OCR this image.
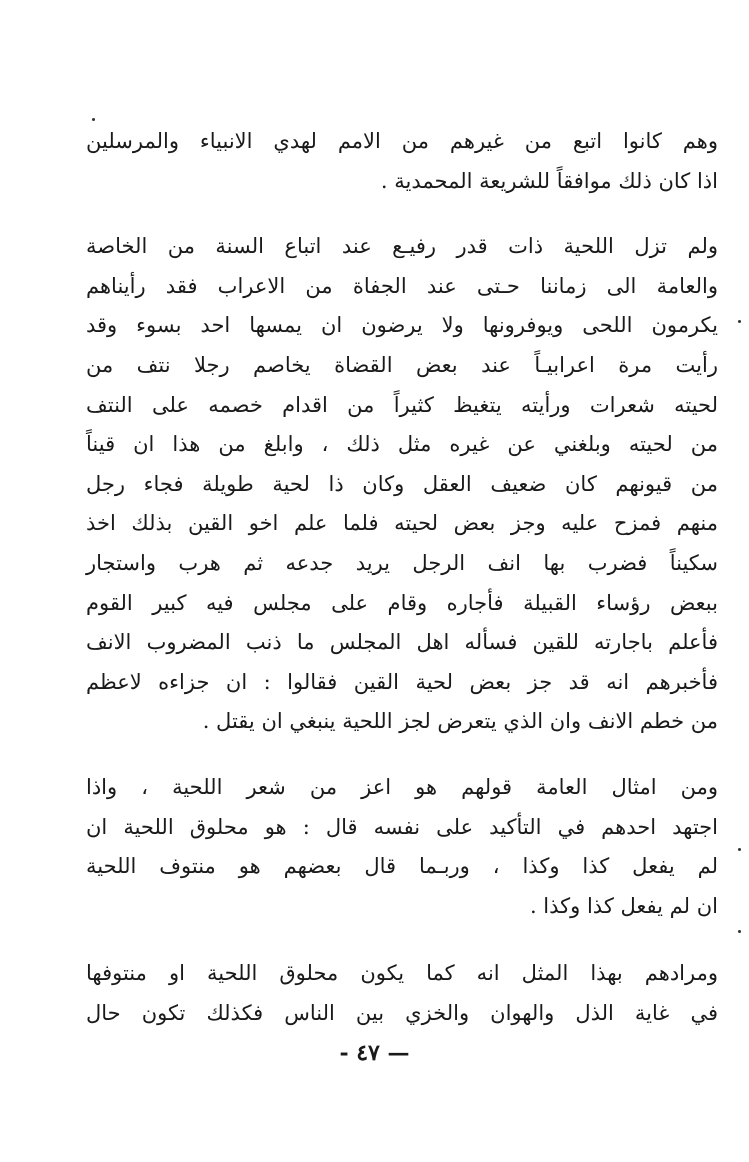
وهم كانوا اتبع من غيرهم من الامم لهدي الانبياء والمرسلين
اذا كان ذلك موافقاً للشريعة المحمدية .
ولم تزل اللحية ذات قدر رفيـع عند اتباع السنة من الخاصة
والعامة الى زماننا حـتى عند الجفاة من الاعراب فقد رأيناهم
يكرمون اللحى ويوفرونها ولا يرضون ان يمسها احد بسوء وقد
رأيت مرة اعرابيـاً عند بعض القضاة يخاصم رجلا نتف من
لحيته شعرات ورأيته يتغيظ كثيراً من اقدام خصمه على النتف
من لحيته وبلغني عن غيره مثل ذلك ، وابلغ من هذا ان قيناً
من قيونهم كان ضعيف العقل وكان ذا لحية طويلة فجاء رجل
منهم فمزح عليه وجز بعض لحيته فلما علم اخو القين بذلك اخذ
سكيناً فضرب بها انف الرجل يريد جدعه ثم هرب واستجار
ببعض رؤساء القبيلة فأجاره وقام على مجلس فيه كبير القوم
فأعلم باجارته للقين فسأله اهل المجلس ما ذنب المضروب الانف
فأخبرهم انه قد جز بعض لحية القين فقالوا : ان جزاءه لاعظم
من خطم الانف وان الذي يتعرض لجز اللحية ينبغي ان يقتل .
ومن امثال العامة قولهم هو اعز من شعر اللحية ، واذا
اجتهد احدهم في التأكيد على نفسه قال : هو محلوق اللحية ان
لم يفعل كذا وكذا ، وربـما قال بعضهم هو منتوف اللحية
ان لم يفعل كذا وكذا .
ومرادهم بهذا المثل انه كما يكون محلوق اللحية او منتوفها
في غاية الذل والهوان والخزي بين الناس فكذلك تكون حال
— ٤٧ -
